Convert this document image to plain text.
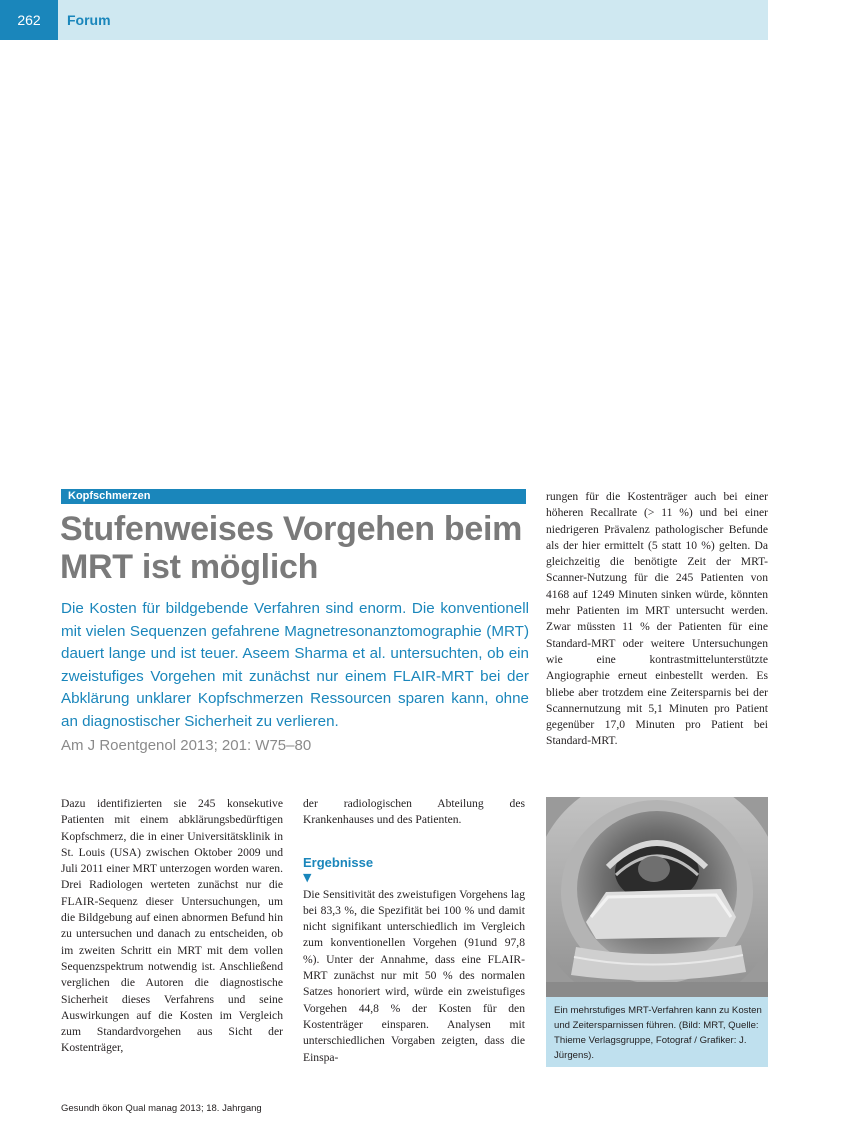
262	Forum
Kopfschmerzen
Stufenweises Vorgehen beim MRT ist möglich
Die Kosten für bildgebende Verfahren sind enorm. Die konventionell mit vielen Sequenzen gefahrene Magnetresonanztomographie (MRT) dauert lange und ist teuer. Aseem Sharma et al. untersuchten, ob ein zweistufiges Vorgehen mit zunächst nur einem FLAIR-MRT bei der Abklärung unklarer Kopfschmerzen Ressourcen sparen kann, ohne an diagnostischer Sicherheit zu verlieren.
Am J Roentgenol 2013; 201: W75–80

rungen für die Kostenträger auch bei einer höheren Recallrate (> 11 %) und bei einer niedrigeren Prävalenz pathologischer Befunde als der hier ermittelt (5 statt 10 %) gelten. Da gleichzeitig die benötigte Zeit der MRT-Scanner-Nutzung für die 245 Patienten von 4168 auf 1249 Minuten sinken würde, könnten mehr Patienten im MRT untersucht werden. Zwar müssten 11 % der Patienten für eine Standard-MRT oder weitere Untersuchungen wie eine kontrastmittelunterstützte Angiographie erneut einbestellt werden. Es bliebe aber trotzdem eine Zeitersparnis bei der Scannernutzung mit 5,1 Minuten pro Patient gegenüber 17,0 Minuten pro Patient bei Standard-MRT.

Dazu identifizierten sie 245 konsekutive Patienten mit einem abklärungsbedürftigen Kopfschmerz, die in einer Universitätsklinik in St. Louis (USA) zwischen Oktober 2009 und Juli 2011 einer MRT unterzogen worden waren. Drei Radiologen werteten zunächst nur die FLAIR-Sequenz dieser Untersuchungen, um die Bildgebung auf einen abnormen Befund hin zu untersuchen und danach zu entscheiden, ob im zweiten Schritt ein MRT mit dem vollen Sequenzspektrum notwendig ist. Anschließend verglichen die Autoren die diagnostische Sicherheit dieses Verfahrens und seine Auswirkungen auf die Kosten im Vergleich zum Standardvorgehen aus Sicht der Kostenträger,

der radiologischen Abteilung des Krankenhauses und des Patienten.

Ergebnisse
▼

Die Sensitivität des zweistufigen Vorgehens lag bei 83,3 %, die Spezifität bei 100 % und damit nicht signifikant unterschiedlich im Vergleich zum konventionellen Vorgehen (91und 97,8 %). Unter der Annahme, dass eine FLAIR-MRT zunächst nur mit 50 % des normalen Satzes honoriert wird, würde ein zweistufiges Vorgehen 44,8 % der Kosten für den Kostenträger einsparen. Analysen mit unterschiedlichen Vorgaben zeigten, dass die Einspa-

Ein mehrstufiges MRT-Verfahren kann zu Kosten und Zeitersparnissen führen. (Bild: MRT, Quelle: Thieme Verlagsgruppe, Fotograf / Grafiker: J. Jürgens).
Gesundh ökon Qual manag 2013; 18. Jahrgang
